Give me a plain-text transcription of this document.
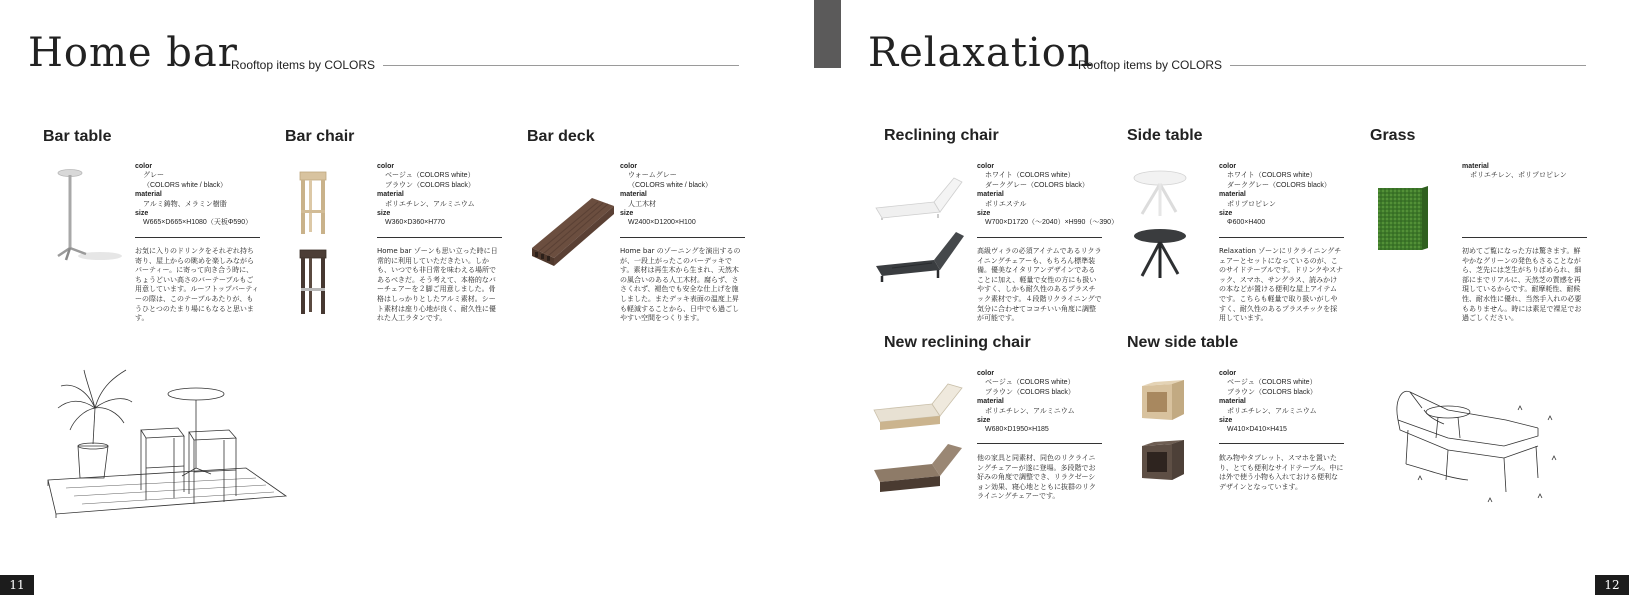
Home bar
Rooftop items by COLORS
Bar table
color
グレー
（COLORS white / black）
material
アルミ鋳物、メラミン樹脂
size
W665×D665×H1080（天板Φ590）
お気に入りのドリンクをそれぞれ持ち寄り、屋上からの眺めを楽しみながらパーティー。に寄って向き合う時に、ちょうどいい高さのバーテーブルもご用意しています。ルーフトップパーティーの際は、このテーブルあたりが、もうひとつのたまり場にもなると思います。
Bar chair
color
ベージュ（COLORS white）
ブラウン（COLORS black）
material
ポリエチレン、アルミニウム
size
W360×D360×H770
Home bar ゾーンも思い立った時に日常的に利用していただきたい。しかも、いつでも非日常を味わえる場所であるべきだ。そう考えて、本格的なバーチェアーを２脚ご用意しました。骨格はしっかりとしたアルミ素材。シート素材は座り心地が良く、耐久性に優れた人工ラタンです。
Bar deck
color
ウォームグレー
（COLORS white / black）
material
人工木材
size
W2400×D1200×H100
Home bar のゾーニングを演出するのが、一段上がったこのバーデッキです。素材は再生木から生まれ、天然木の風合いのある人工木材。腐らず、ささくれず、褪色でも安全な仕上げを施しました。またデッキ表面の温度上昇も軽減することから、日中でも過ごしやすい空間をつくります。
11
Relaxation
Rooftop items by COLORS
Reclining chair
color
ホワイト（COLORS white）
ダークグレー（COLORS black）
material
ポリエステル
size
W700×D1720（～2040）×H990（～390）
高級ヴィラの必須アイテムであるリクライニングチェアーも、もちろん標準装備。優美なイタリアンデザインであることに加え、軽量で女性の方にも扱いやすく、しかも耐久性のあるプラスチック素材です。４段階リクライニングで気分に合わせてココチいい角度に調整が可能です。
Side table
color
ホワイト（COLORS white）
ダークグレー（COLORS black）
material
ポリプロピレン
size
Φ600×H400
Relaxation ゾーンにリクライニングチェアーとセットになっているのが、このサイドテーブルです。ドリンクやスナック、スマホ、サングラス、読みかけの本などが置ける便利な屋上アイテムです。こちらも軽量で取り扱いがしやすく、耐久性のあるプラスチックを採用しています。
Grass
material
ポリエチレン、ポリプロピレン
初めてご覧になった方は驚きます。鮮やかなグリーンの発色もさることながら、芝先には芝生がちりばめられ、細部にまでリアルに、天然芝の質感を再現しているからです。耐摩耗性、耐候性、耐水性に優れ、当然手入れの必要もありません。時には素足で裸足でお過ごしください。
New reclining chair
color
ベージュ（COLORS white）
ブラウン（COLORS black）
material
ポリエチレン、アルミニウム
size
W680×D1950×H185
他の家具と同素材、同色のリクライニングチェアーが遂に登場。多段階でお好みの角度で調整でき、リラクゼーション効果、寝心地とともに抜群のリクライニングチェアーです。
New side table
color
ベージュ（COLORS white）
ブラウン（COLORS black）
material
ポリエチレン、アルミニウム
size
W410×D410×H415
飲み物やタブレット、スマホを置いたり、とても便利なサイドテーブル。中には外で使う小物も入れておける便利なデザインとなっています。
12
